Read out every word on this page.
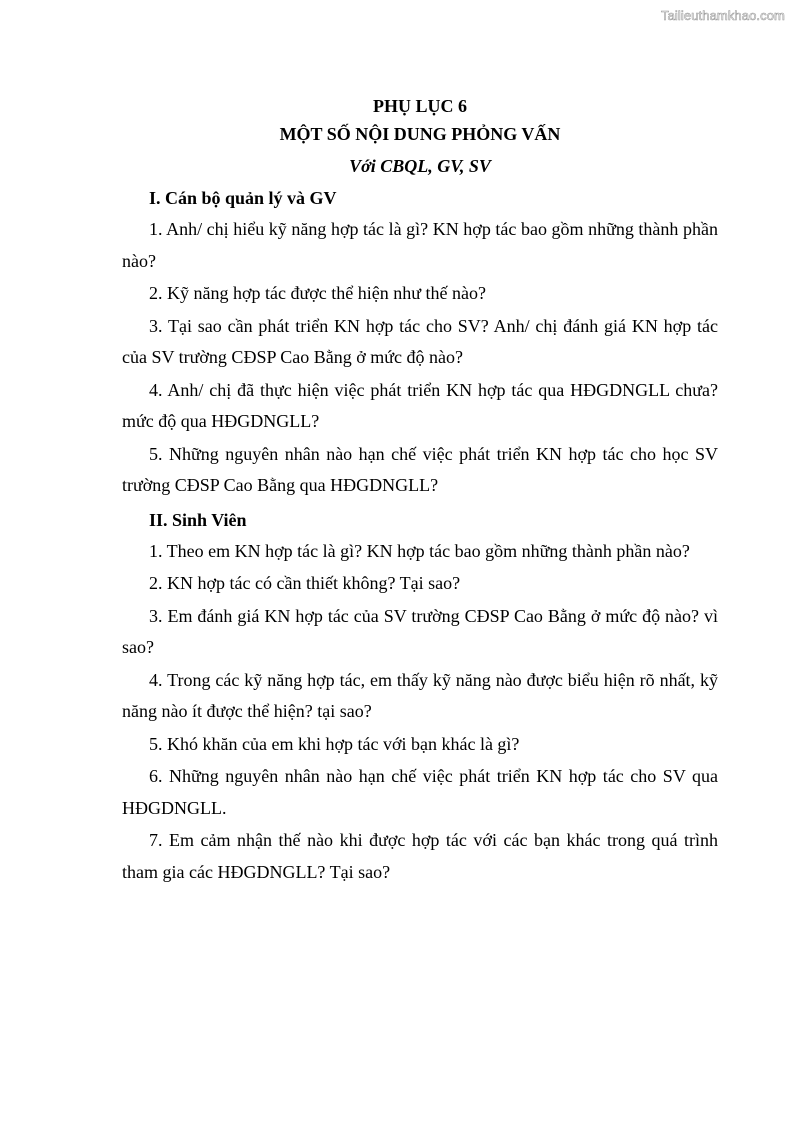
Tailieuthamkhao.com

PHỤ LỤC 6

MỘT SỐ NỘI DUNG PHỎNG VẤN

Với CBQL, GV, SV

I. Cán bộ quản lý và GV

1. Anh/ chị hiểu kỹ năng hợp tác là gì? KN hợp tác bao gồm những thành phần nào?

2. Kỹ năng hợp tác được thể hiện như thế nào?

3. Tại sao cần phát triển KN hợp tác cho SV? Anh/ chị đánh giá KN hợp tác của SV trường CĐSP Cao Bằng ở mức độ nào?

4. Anh/ chị đã thực hiện việc phát triển KN hợp tác qua HĐGDNGLL chưa? mức độ qua HĐGDNGLL?

5. Những nguyên nhân nào hạn chế việc phát triển KN hợp tác cho học SV trường CĐSP Cao Bằng qua HĐGDNGLL?

II. Sinh Viên

1. Theo em KN hợp tác là gì? KN hợp tác bao gồm những thành phần nào?

2. KN hợp tác có cần thiết không? Tại sao?

3. Em đánh giá KN hợp tác của SV trường CĐSP Cao Bằng ở mức độ nào? vì sao?

4. Trong các kỹ năng hợp tác, em thấy kỹ năng nào được biểu hiện rõ nhất, kỹ năng nào ít được thể hiện? tại sao?

5. Khó khăn của em khi hợp tác với bạn khác là gì?

6. Những nguyên nhân nào hạn chế việc phát triển KN hợp tác cho SV qua HĐGDNGLL.

7. Em cảm nhận thế nào khi được hợp tác với các bạn khác trong quá trình tham gia các HĐGDNGLL? Tại sao?
